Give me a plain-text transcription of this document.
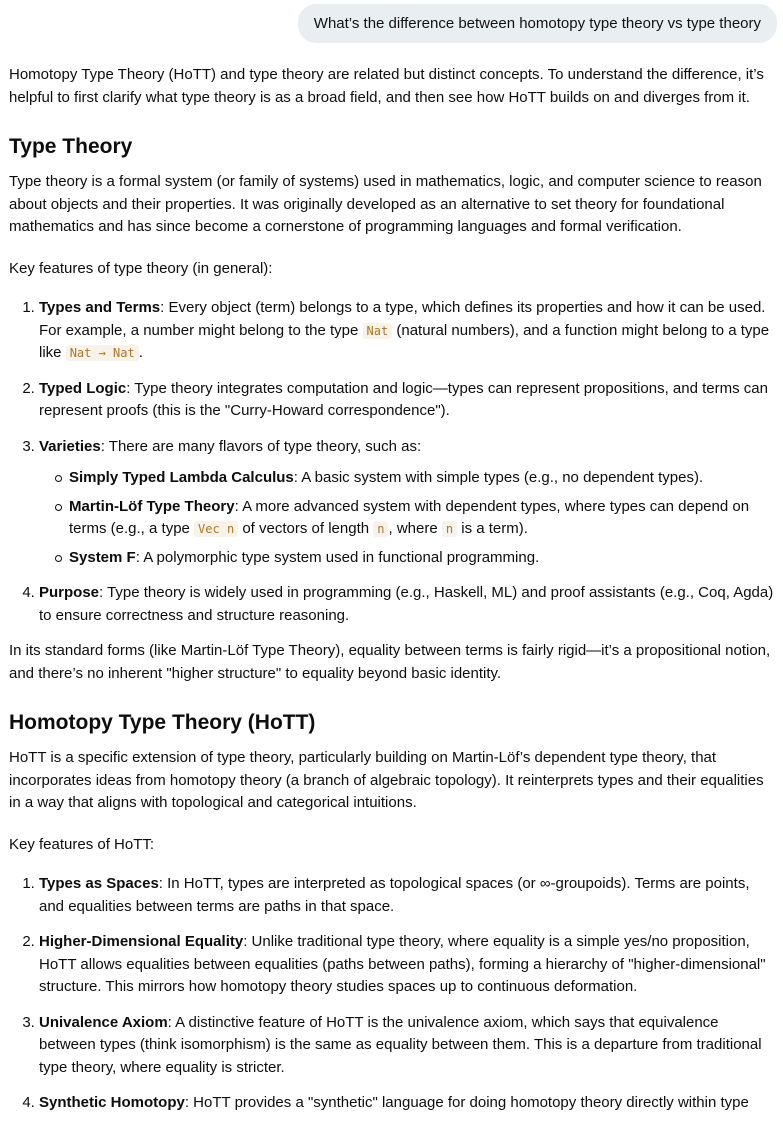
What’s the difference between homotopy type theory vs type theory

Homotopy Type Theory (HoTT) and type theory are related but distinct concepts. To understand the difference, it’s helpful to first clarify what type theory is as a broad field, and then see how HoTT builds on and diverges from it.

Type Theory

Type theory is a formal system (or family of systems) used in mathematics, logic, and computer science to reason about objects and their properties. It was originally developed as an alternative to set theory for foundational mathematics and has since become a cornerstone of programming languages and formal verification.

Key features of type theory (in general):

1. Types and Terms: Every object (term) belongs to a type, which defines its properties and how it can be used. For example, a number might belong to the type Nat (natural numbers), and a function might belong to a type like Nat → Nat .
2. Typed Logic: Type theory integrates computation and logic—types can represent propositions, and terms can represent proofs (this is the "Curry-Howard correspondence").
3. Varieties: There are many flavors of type theory, such as:
Simply Typed Lambda Calculus: A basic system with simple types (e.g., no dependent types).
Martin-Löf Type Theory: A more advanced system with dependent types, where types can depend on terms (e.g., a type Vec n of vectors of length n , where n is a term).
System F: A polymorphic type system used in functional programming.
4. Purpose: Type theory is widely used in programming (e.g., Haskell, ML) and proof assistants (e.g., Coq, Agda) to ensure correctness and structure reasoning.

In its standard forms (like Martin-Löf Type Theory), equality between terms is fairly rigid—it’s a propositional notion, and there’s no inherent "higher structure" to equality beyond basic identity.

Homotopy Type Theory (HoTT)

HoTT is a specific extension of type theory, particularly building on Martin-Löf’s dependent type theory, that incorporates ideas from homotopy theory (a branch of algebraic topology). It reinterprets types and their equalities in a way that aligns with topological and categorical intuitions.

Key features of HoTT:

1. Types as Spaces: In HoTT, types are interpreted as topological spaces (or ∞-groupoids). Terms are points, and equalities between terms are paths in that space.
2. Higher-Dimensional Equality: Unlike traditional type theory, where equality is a simple yes/no proposition, HoTT allows equalities between equalities (paths between paths), forming a hierarchy of "higher-dimensional" structure. This mirrors how homotopy theory studies spaces up to continuous deformation.
3. Univalence Axiom: A distinctive feature of HoTT is the univalence axiom, which says that equivalence between types (think isomorphism) is the same as equality between them. This is a departure from traditional type theory, where equality is stricter.
4. Synthetic Homotopy: HoTT provides a "synthetic" language for doing homotopy theory directly within type
